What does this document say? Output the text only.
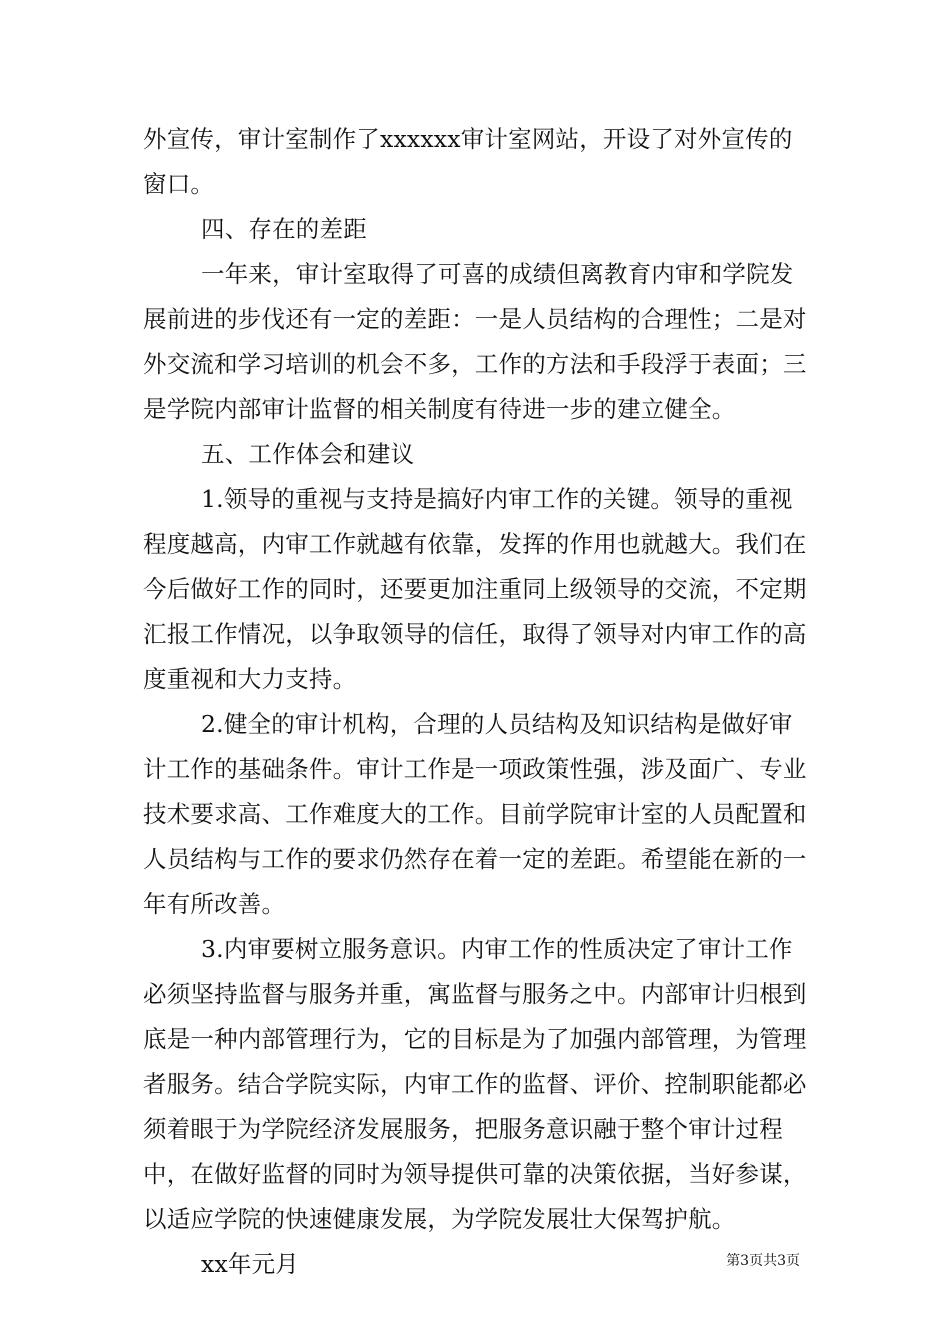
外宣传，审计室制作了xxxxxx审计室网站，开设了对外宣传的窗口。

四、存在的差距

一年来，审计室取得了可喜的成绩但离教育内审和学院发展前进的步伐还有一定的差距：一是人员结构的合理性；二是对外交流和学习培训的机会不多，工作的方法和手段浮于表面；三是学院内部审计监督的相关制度有待进一步的建立健全。

五、工作体会和建议

1.领导的重视与支持是搞好内审工作的关键。领导的重视程度越高，内审工作就越有依靠，发挥的作用也就越大。我们在今后做好工作的同时，还要更加注重同上级领导的交流，不定期汇报工作情况，以争取领导的信任，取得了领导对内审工作的高度重视和大力支持。

2.健全的审计机构，合理的人员结构及知识结构是做好审计工作的基础条件。审计工作是一项政策性强，涉及面广、专业技术要求高、工作难度大的工作。目前学院审计室的人员配置和人员结构与工作的要求仍然存在着一定的差距。希望能在新的一年有所改善。

3.内审要树立服务意识。内审工作的性质决定了审计工作必须坚持监督与服务并重，寓监督与服务之中。内部审计归根到底是一种内部管理行为，它的目标是为了加强内部管理，为管理者服务。结合学院实际，内审工作的监督、评价、控制职能都必须着眼于为学院经济发展服务，把服务意识融于整个审计过程中，在做好监督的同时为领导提供可靠的决策依据，当好参谋，以适应学院的快速健康发展，为学院发展壮大保驾护航。

xx年元月	第3页共3页
